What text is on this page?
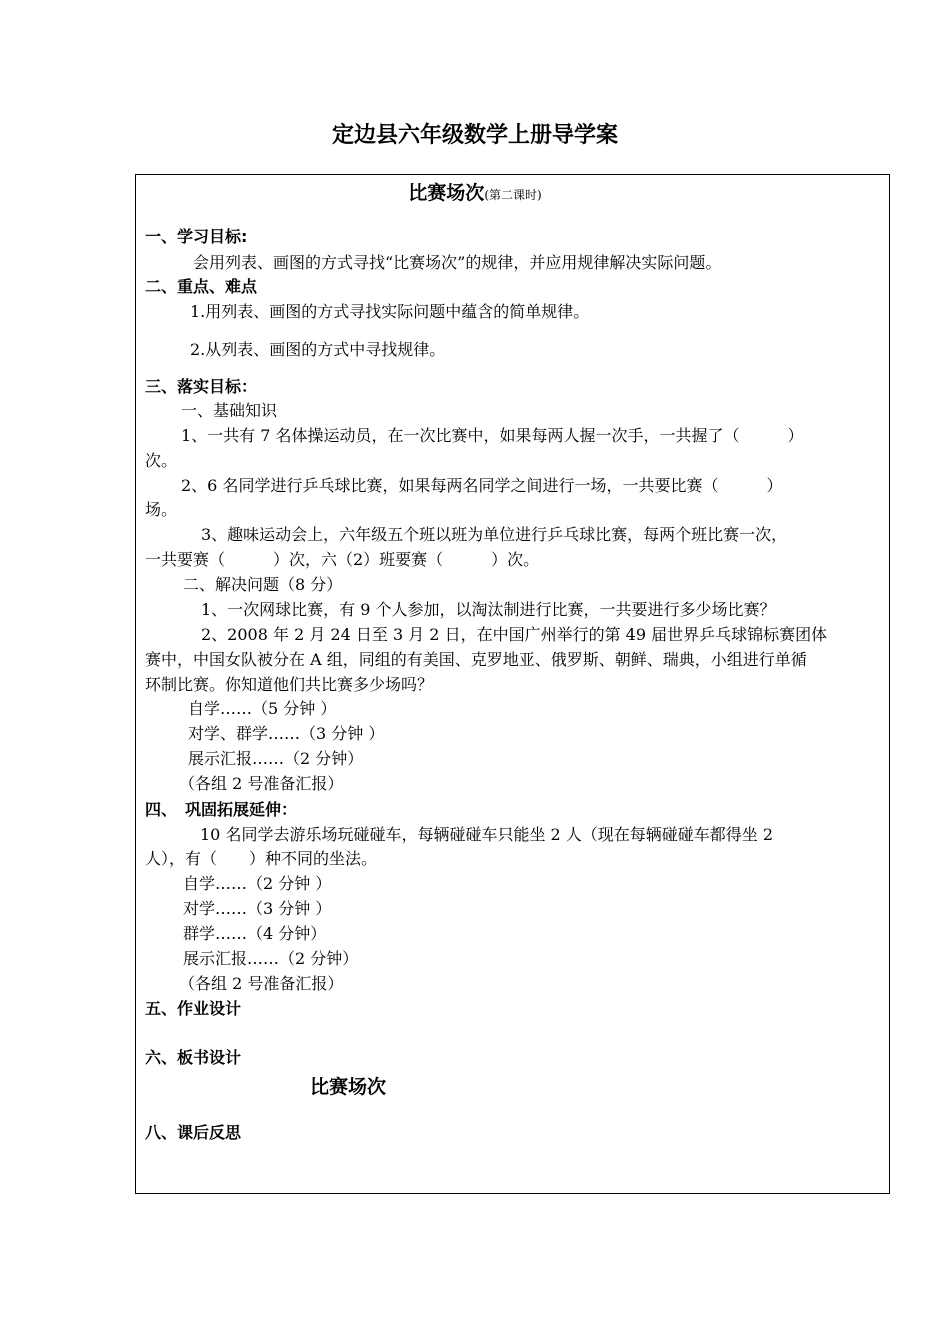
定边县六年级数学上册导学案
比赛场次(第二课时)
一、学习目标:
会用列表、画图的方式寻找“比赛场次”的规律，并应用规律解决实际问题。
二、重点、难点
1.用列表、画图的方式寻找实际问题中蕴含的简单规律。
2.从列表、画图的方式中寻找规律。
三、落实目标：
一、基础知识
1、一共有 7 名体操运动员，在一次比赛中，如果每两人握一次手，一共握了（　　　）
次。
2、6 名同学进行乒乓球比赛，如果每两名同学之间进行一场，一共要比赛（　　　）
场。
3、趣味运动会上，六年级五个班以班为单位进行乒乓球比赛，每两个班比赛一次，
一共要赛（　　　）次，六（2）班要赛（　　　）次。
二、解决问题（8 分）
1、一次网球比赛，有 9 个人参加，以淘汰制进行比赛，一共要进行多少场比赛？
2、2008 年 2 月 24 日至 3 月 2 日，在中国广州举行的第 49 届世界乒乓球锦标赛团体
赛中，中国女队被分在 A 组，同组的有美国、克罗地亚、俄罗斯、朝鲜、瑞典，小组进行单循
环制比赛。你知道他们共比赛多少场吗？
自学……（5 分钟 ）
对学、群学……（3 分钟 ）
展示汇报……（2 分钟）
（各组 2 号准备汇报）
四、　巩固拓展延伸：
10 名同学去游乐场玩碰碰车，每辆碰碰车只能坐 2 人（现在每辆碰碰车都得坐 2
人），有（　　）种不同的坐法。
自学……（2 分钟 ）
对学……（3 分钟 ）
群学……（4 分钟）
展示汇报……（2 分钟）
（各组 2 号准备汇报）
五、作业设计
六、板书设计
比赛场次
八、课后反思
